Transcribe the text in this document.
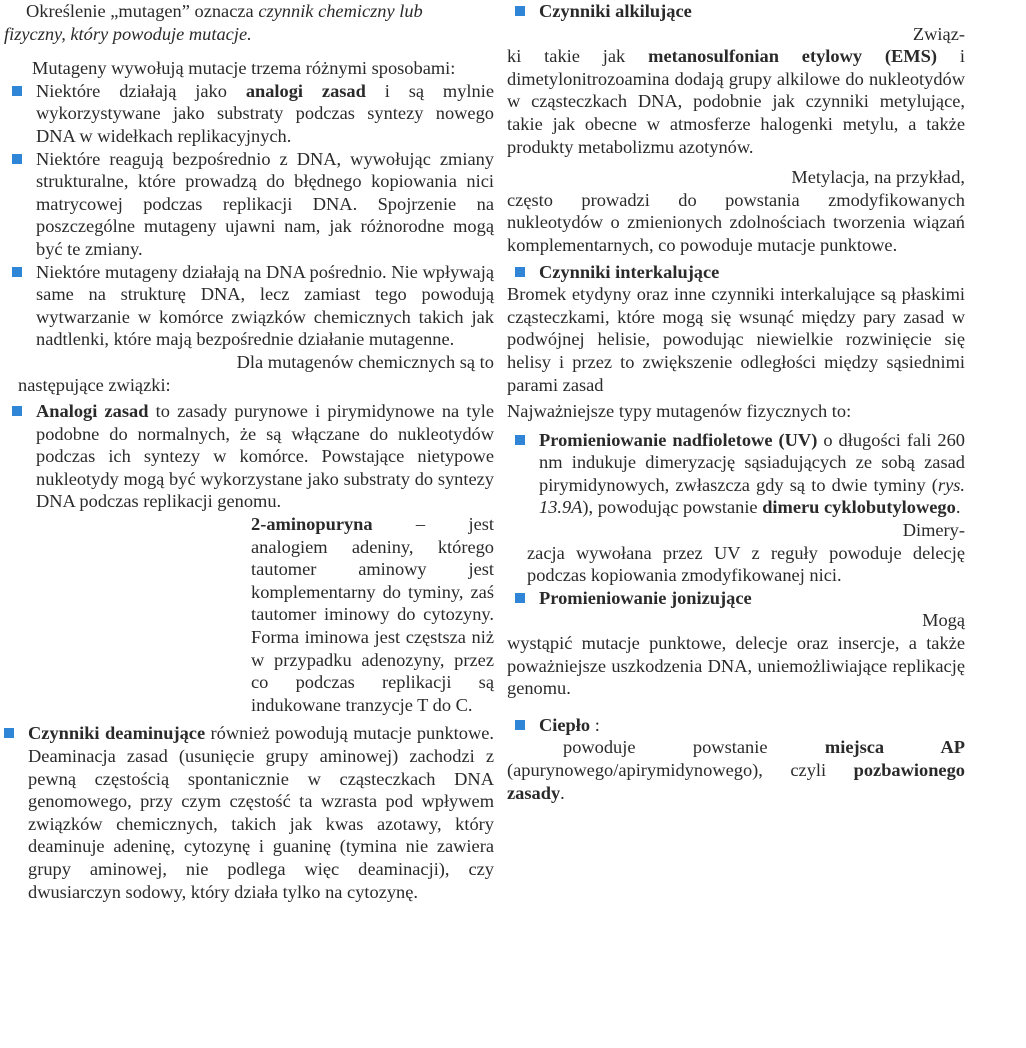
Określenie „mutagen” oznacza czynnik chemiczny lub

fizyczny, który powoduje mutacje.

Mutageny wywołują mutacje trzema różnymi sposobami:

Niektóre działają jako analogi zasad i są mylnie wykorzystywane jako substraty podczas syntezy nowego DNA w widełkach replikacyjnych.

Niektóre reagują bezpośrednio z DNA, wywołując zmiany strukturalne, które prowadzą do błędnego kopiowania nici matrycowej podczas replikacji DNA. Spojrzenie na poszczególne mutageny ujawni nam, jak różnorodne mogą być te zmiany.

Niektóre mutageny działają na DNA pośrednio. Nie wpływają same na strukturę DNA, lecz zamiast tego powodują wytwarzanie w komórce związków chemicznych takich jak nadtlenki, które mają bezpośrednie działanie mutagenne.

Dla mutagenów chemicznych są to

następujące związki:

Analogi zasad to zasady purynowe i pirymidynowe na tyle podobne do normalnych, że są włączane do nukleotydów podczas ich syntezy w komórce. Powstające nietypowe nukleotydy mogą być wykorzystane jako substraty do syntezy DNA podczas replikacji genomu.

2-aminopuryna – jest analogiem adeniny, którego tautomer aminowy jest komplementarny do tyminy, zaś tautomer iminowy do cytozyny. Forma iminowa jest częstsza niż w przypadku adenozyny, przez co podczas replikacji są indukowane tranzycje T do C.

Czynniki deaminujące również powodują mutacje punktowe. Deaminacja zasad (usunięcie grupy aminowej) zachodzi z pewną częstością spontanicznie w cząsteczkach DNA genomowego, przy czym częstość ta wzrasta pod wpływem związków chemicznych, takich jak kwas azotawy, który deaminuje adeninę, cytozynę i guaninę (tymina nie zawiera grupy aminowej, nie podlega więc deaminacji), czy dwusiarczyn sodowy, który działa tylko na cytozynę.

Czynniki alkilujące

Związ-

ki takie jak metanosulfonian etylowy (EMS) i dimetylonitrozoamina dodają grupy alkilowe do nukleotydów w cząsteczkach DNA, podobnie jak czynniki metylujące, takie jak obecne w atmosferze halogenki metylu, a także produkty metabolizmu azotynów.

Metylacja, na przykład,

często prowadzi do powstania zmodyfikowanych nukleotydów o zmienionych zdolnościach tworzenia wiązań komplementarnych, co powoduje mutacje punktowe.

Czynniki interkalujące

Bromek etydyny oraz inne czynniki interkalujące są płaskimi cząsteczkami, które mogą się wsunąć między pary zasad w podwójnej helisie, powodując niewielkie rozwinięcie się helisy i przez to zwiększenie odległości między sąsiednimi parami zasad

Najważniejsze typy mutagenów fizycznych to:

Promieniowanie nadfioletowe (UV) o długości fali 260 nm indukuje dimeryzację sąsiadujących ze sobą zasad pirymidynowych, zwłaszcza gdy są to dwie tyminy (rys. 13.9A), powodując powstanie dimeru cyklobutylowego.

Dimery-

zacja wywołana przez UV z reguły powoduje delecję podczas kopiowania zmodyfikowanej nici.

Promieniowanie jonizujące

Mogą

wystąpić mutacje punktowe, delecje oraz insercje, a także poważniejsze uszkodzenia DNA, uniemożliwiające replikację genomu.

Ciepło :

powoduje powstanie miejsca AP (apurynowego/apirymidynowego), czyli pozbawionego zasady.
